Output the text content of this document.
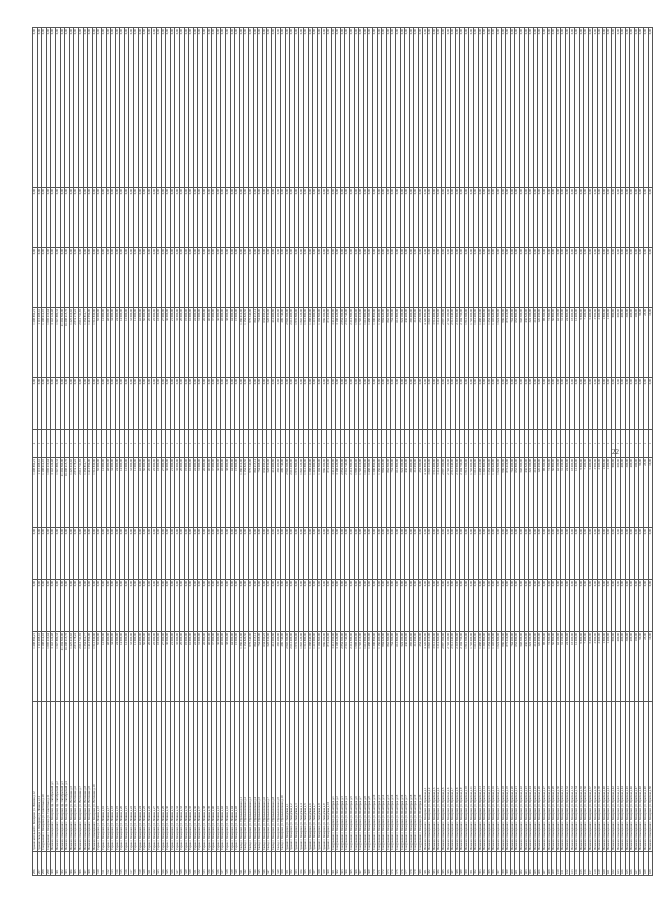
296	Здание котельной г. Кемерово ул. Ленина д.12	1 208 856,21	0,00	0,00	1 208 856,21	2	0,00	1 208 856,21	0,00	0,00	0,00
297	Здание склада г. Кемерово ул. Ленина д.12	1 115 408,16	0,00	0,00	1 115 408,16	1	0,00	1 115 408,16	0,00	0,00	0,00
298	Сооружение г. Кемерово ул. Советская д.10	1 108 612,10	0,00	0,00	1 108 612,10	1	0,00	1 108 612,10	0,00	0,00	0,00
299	Сооружение г. Кемерово ул. Советская д.11	1 005 210,44	0,00	0,00	1 005 210,44	1	0,00	1 005 210,44	0,00	0,00	0,00
300	Нежилое помещение г. Кемерово пр. Октябрьский д.1	3 143 122,48	0,00	0,00	3 143 122,48	1	0,00	3 143 122,48	0,00	0,00	0,00
301	Нежилое помещение г. Кемерово пр. Октябрьский д.2	1 547 890,33	0,00	0,00	1 547 890,33	1	0,00	1 547 890,33	0,00	0,00	0,00
302	Нежилое помещение г. Кемерово пр. Октябрьский д.3	21 204 560,00	0,00	0,00	21 204 560,00	1	0,00	21 204 560,00	0,00	0,00	0,00
303	Нежилое помещение г. Кемерово пр. Октябрьский д.4	16 208 215,70	0,00	0,00	16 208 215,70	1	0,00	16 208 215,70	0,00	0,00	0,00
304	Нежилое помещение г. Кемерово ул. Весенняя д.5	1 225 410,65	0,00	0,00	1 225 410,65	1	0,00	1 225 410,65	0,00	0,00	0,00
305	Нежилое помещение г. Кемерово ул. Весенняя д.6	2 874 178,22	0,00	0,00	2 874 178,22	1	0,00	2 874 178,22	0,00	0,00	0,00
306	Нежилое помещение г. Кемерово ул. Весенняя д.7	2 612 741,92	0,00	0,00	2 612 741,92	1	0,00	2 612 741,92	0,00	0,00	0,00
307	Нежилое помещение г. Кемерово ул. Весенняя д.8	1 354 812,77	0,00	0,00	1 354 812,77	1	0,00	1 354 812,77	0,00	0,00	0,00
308	Нежилое помещение г. Кемерово ул. Весенняя д.9	1 412 956,00	0,00	0,00	1 412 956,00	1	0,00	1 412 956,00	0,00	0,00	0,00
309	Нежилое помещение г. Кемерово ул. Весенняя д.10	1 512 830,00	0,00	0,00	1 512 830,00	1	0,00	1 512 830,00	0,00	0,00	0,00
310	Гараж г. Кемерово ул. Ленина д.15	55 000,00	0,00	0,00	55 000,00	1	0,00	55 000,00	0,00	0,00	0,00
311	Гараж г. Кемерово ул. Ленина д.16	12 000,00	0,00	0,00	12 000,00	1	0,00	12 000,00	0,00	0,00	0,00
312	Гараж г. Кемерово ул. Ленина д.17	48 000,00	0,00	0,00	48 000,00	1	0,00	48 000,00	0,00	0,00	0,00
313	Гараж г. Кемерово ул. Ленина д.18	34 000,00	0,00	0,00	34 000,00	1	0,00	34 000,00	0,00	0,00	0,00
314	Гараж г. Кемерово ул. Ленина д.19	24 000,00	0,00	0,00	24 000,00	1	0,00	24 000,00	0,00	0,00	0,00
315	Гараж г. Кемерово ул. Ленина д.20	14 000,00	0,00	0,00	14 000,00	1	0,00	14 000,00	0,00	0,00	0,00
316	Гараж г. Кемерово ул. Ленина д.21	12 000,00	0,00	0,00	12 000,00	1	0,00	12 000,00	0,00	0,00	0,00
317	Гараж г. Кемерово ул. Ленина д.22	33 000,00	0,00	0,00	33 000,00	1	0,00	33 000,00	0,00	0,00	0,00
318	Гараж г. Кемерово ул. Ленина д.23	11 000,00	0,00	0,00	11 000,00	1	0,00	11 000,00	0,00	0,00	0,00
319	Гараж г. Кемерово ул. Ленина д.24	42 000,00	0,00	0,00	42 000,00	1	0,00	42 000,00	0,00	0,00	0,00
320	Гараж г. Кемерово ул. Ленина д.25	56 000,00	0,00	0,00	56 000,00	1	0,00	56 000,00	0,00	0,00	0,00
321	Гараж г. Кемерово ул. Ленина д.26	20 000,00	0,00	0,00	20 000,00	1	0,00	20 000,00	0,00	0,00	0,00
322	Гараж г. Кемерово ул. Ленина д.27	25 000,00	0,00	0,00	25 000,00	1	0,00	25 000,00	0,00	0,00	0,00
323	Гараж г. Кемерово ул. Ленина д.28	18 000,00	0,00	0,00	18 000,00	1	0,00	18 000,00	0,00	0,00	0,00
324	Гараж г. Кемерово ул. Ленина д.29	27 000,00	0,00	0,00	27 000,00	1	0,00	27 000,00	0,00	0,00	0,00
325	Гараж г. Кемерово ул. Ленина д.30	30 000,00	0,00	0,00	30 000,00	1	0,00	30 000,00	0,00	0,00	0,00
326	Гараж г. Кемерово ул. Ленина д.31	21 000,00	0,00	0,00	21 000,00	1	0,00	21 000,00	0,00	0,00	0,00
327	Гараж г. Кемерово ул. Ленина д.32	35 000,00	0,00	0,00	35 000,00	1	0,00	35 000,00	0,00	0,00	0,00
328	Гараж г. Кемерово ул. Ленина д.33	29 000,00	0,00	0,00	29 000,00	1	0,00	29 000,00	0,00	0,00	0,00
329	Гараж г. Кемерово ул. Ленина д.34	19 000,00	0,00	0,00	19 000,00	1	0,00	19 000,00	0,00	0,00	0,00
330	Гараж г. Кемерово ул. Ленина д.35	16 000,00	0,00	0,00	16 000,00	1	0,00	16 000,00	0,00	0,00	0,00
331	Гараж г. Кемерово ул. Ленина д.36	22 000,00	0,00	0,00	22 000,00	1	0,00	22 000,00	0,00	0,00	0,00
332	Гараж г. Кемерово ул. Ленина д.37	31 000,00	0,00	0,00	31 000,00	1	0,00	31 000,00	0,00	0,00	0,00
333	Гараж г. Кемерово ул. Ленина д.38	26 000,00	0,00	0,00	26 000,00	1	0,00	26 000,00	0,00	0,00	0,00
334	Гараж г. Кемерово ул. Ленина д.39	40 000,00	0,00	0,00	40 000,00	1	0,00	40 000,00	0,00	0,00	0,00
335	Гараж г. Кемерово ул. Ленина д.40	37 000,00	0,00	0,00	37 000,00	1	0,00	37 000,00	0,00	0,00	0,00
336	Гараж г. Кемерово ул. Ленина д.41	36 000,00	0,00	0,00	36 000,00	1	0,00	36 000,00	0,00	0,00	0,00
337	Гараж г. Кемерово ул. Ленина д.42	45 000,00	0,00	0,00	45 000,00	1	0,00	45 000,00	0,00	0,00	0,00
338	Гараж г. Кемерово ул. Ленина д.43	38 000,00	0,00	0,00	38 000,00	1	0,00	38 000,00	0,00	0,00	0,00
339	Гараж г. Кемерово ул. Ленина д.44	44 000,00	0,00	0,00	44 000,00	1	0,00	44 000,00	0,00	0,00	0,00
340	Гараж г. Кемерово ул. Ленина д.45	15 000,00	0,00	0,00	15 000,00	1	0,00	15 000,00	0,00	0,00	0,00
341	Склад г. Кемерово ул. Промышленная д.1	1 386 412,00	0,00	0,00	1 386 412,00	1	0,00	1 386 412,00	0,00	0,00	0,00
342	Склад г. Кемерово ул. Промышленная д.2	1 154 820,50	0,00	0,00	1 154 820,50	1	0,00	1 154 820,50	0,00	0,00	0,00
343	Склад г. Кемерово ул. Промышленная д.3	979 340,00	0,00	0,00	979 340,00	1	0,00	979 340,00	0,00	0,00	0,00
344	Склад г. Кемерово ул. Промышленная д.4	864 215,14	0,00	0,00	864 215,14	1	0,00	864 215,14	0,00	0,00	0,00
345	Склад г. Кемерово ул. Промышленная д.5	754 608,00	0,00	0,00	754 608,00	1	0,00	754 608,00	0,00	0,00	0,00
346	Склад г. Кемерово ул. Промышленная д.6	634 450,25	0,00	0,00	634 450,25	1	0,00	634 450,25	0,00	0,00	0,00
347	Склад г. Кемерово ул. Промышленная д.7	528 930,00	0,00	0,00	528 930,00	1	0,00	528 930,00	0,00	0,00	0,00
348	Склад г. Кемерово ул. Промышленная д.8	412 600,80	0,00	0,00	412 600,80	1	0,00	412 600,80	0,00	0,00	0,00
349	Склад г. Кемерово ул. Промышленная д.9	385 200,00	0,00	0,00	385 200,00	1	0,00	385 200,00	0,00	0,00	0,00
350	Склад г. Кемерово ул. Промышленная д.10	296 740,00	0,00	0,00	296 740,00	1	0,00	296 740,00	0,00	0,00	0,00
351	Здание г. Кемерово ул. Заводская д.1	2 945 300,00	0,00	0,00	2 945 300,00	1	0,00	2 945 300,00	0,00	0,00	0,00
352	Здание г. Кемерово ул. Заводская д.2	2 612 400,00	0,00	0,00	2 612 400,00	1	0,00	2 612 400,00	0,00	0,00	0,00
353	Здание г. Кемерово ул. Заводская д.3	1 976 500,00	0,00	0,00	1 976 500,00	1	0,00	1 976 500,00	0,00	0,00	0,00
354	Здание г. Кемерово ул. Заводская д.4	1 845 120,00	0,00	0,00	1 845 120,00	1	0,00	1 845 120,00	0,00	0,00	0,00
355	Здание г. Кемерово ул. Заводская д.5	1 512 880,00	0,00	0,00	1 512 880,00	1	0,00	1 512 880,00	0,00	0,00	0,00
356	Здание г. Кемерово ул. Заводская д.6	1 388 640,00	0,00	0,00	1 388 640,00	1	0,00	1 388 640,00	0,00	0,00	0,00
357	Здание г. Кемерово ул. Заводская д.7	1 215 000,00	0,00	0,00	1 215 000,00	1	0,00	1 215 000,00	0,00	0,00	0,00
358	Здание г. Кемерово ул. Заводская д.8	1 104 560,00	0,00	0,00	1 104 560,00	1	0,00	1 104 560,00	0,00	0,00	0,00
359	Здание г. Кемерово ул. Заводская д.9	986 300,00	0,00	0,00	986 300,00	1	0,00	986 300,00	0,00	0,00	0,00
360	Здание г. Кемерово ул. Заводская д.10	872 450,00	0,00	0,00	872 450,00	1	0,00	872 450,00	0,00	0,00	0,00
361	Сооружение г. Кемерово ул. Шахтёров д.1	3 412 650,00	0,00	0,00	3 412 650,00	1	0,00	3 412 650,00	0,00	0,00	0,00
362	Сооружение г. Кемерово ул. Шахтёров д.2	3 108 220,00	0,00	0,00	3 108 220,00	1	0,00	3 108 220,00	0,00	0,00	0,00
363	Сооружение г. Кемерово ул. Шахтёров д.3	2 854 300,00	0,00	0,00	2 854 300,00	1	0,00	2 854 300,00	0,00	0,00	0,00
364	Сооружение г. Кемерово ул. Шахтёров д.4	2 516 740,00	0,00	0,00	2 516 740,00	1	0,00	2 516 740,00	0,00	0,00	0,00
365	Сооружение г. Кемерово ул. Шахтёров д.5	2 214 580,00	0,00	0,00	2 214 580,00	1	0,00	2 214 580,00	0,00	0,00	0,00
366	Сооружение г. Кемерово ул. Шахтёров д.6	1 998 400,00	0,00	0,00	1 998 400,00	1	0,00	1 998 400,00	0,00	0,00	0,00
367	Сооружение г. Кемерово ул. Шахтёров д.7	1 745 210,00	0,00	0,00	1 745 210,00	1	0,00	1 745 210,00	0,00	0,00	0,00
368	Сооружение г. Кемерово ул. Шахтёров д.8	1 612 900,00	0,00	0,00	1 612 900,00	1	0,00	1 612 900,00	0,00	0,00	0,00
369	Сооружение г. Кемерово ул. Шахтёров д.9	1 488 300,00	0,00	0,00	1 488 300,00	1	0,00	1 488 300,00	0,00	0,00	0,00
370	Сооружение г. Кемерово ул. Шахтёров д.10	1 300 850,00	0,00	0,00	1 300 850,00	1	0,00	1 300 850,00	0,00	0,00	0,00
371	Сооружение г. Кемерово ул. Шахтёров д.11	1 156 400,00	0,00	0,00	1 156 400,00	1	0,00	1 156 400,00	0,00	0,00	0,00
372	Сооружение г. Кемерово ул. Шахтёров д.12	984 620,00	0,00	0,00	984 620,00	1	0,00	984 620,00	0,00	0,00	0,00
373	Сооружение г. Кемерово ул. Шахтёров д.13	862 500,00	0,00	0,00	862 500,00	1	0,00	862 500,00	0,00	0,00	0,00
374	Сооружение г. Кемерово ул. Шахтёров д.14	754 300,00	0,00	0,00	754 300,00	1	0,00	754 300,00	0,00	0,00	0,00
375	Сооружение г. Кемерово ул. Шахтёров д.15	612 800,00	0,00	0,00	612 800,00	1	0,00	612 800,00	0,00	0,00	0,00
376	Сооружение г. Кемерово ул. Шахтёров д.16	524 100,00	0,00	0,00	524 100,00	1	0,00	524 100,00	0,00	0,00	0,00
377	Сооружение г. Кемерово ул. Шахтёров д.17	436 200,00	0,00	0,00	436 200,00	1	0,00	436 200,00	0,00	0,00	0,00
378	Сооружение г. Кемерово ул. Шахтёров д.18	385 400,00	0,00	0,00	385 400,00	1	0,00	385 400,00	0,00	0,00	0,00
379	Сооружение г. Кемерово ул. Шахтёров д.19	312 650,00	0,00	0,00	312 650,00	1	0,00	312 650,00	0,00	0,00	0,00
380	Сооружение г. Кемерово ул. Шахтёров д.20	254 300,00	0,00	0,00	254 300,00	1	0,00	254 300,00	0,00	0,00	0,00
381	Нежилое помещение г. Кемерово ул. Красная д.1	4 126 880,00	0,00	0,00	4 126 880,00	1	0,00	4 126 880,00	0,00	0,00	0,00
382	Нежилое помещение г. Кемерово ул. Красная д.2	3 845 210,00	0,00	0,00	3 845 210,00	1	0,00	3 845 210,00	0,00	0,00	0,00
383	Нежилое помещение г. Кемерово ул. Красная д.3	3 512 400,00	0,00	0,00	3 512 400,00	1	0,00	3 512 400,00	0,00	0,00	0,00
384	Нежилое помещение г. Кемерово ул. Красная д.4	3 214 560,00	0,00	0,00	3 214 560,00	1	0,00	3 214 560,00	0,00	0,00	0,00
385	Нежилое помещение г. Кемерово ул. Красная д.5	2 987 300,00	0,00	0,00	2 987 300,00	1	0,00	2 987 300,00	0,00	0,00	0,00
386	Нежилое помещение г. Кемерово ул. Красная д.6	2 745 100,00	0,00	0,00	2 745 100,00	1	0,00	2 745 100,00	0,00	0,00	0,00
387	Нежилое помещение г. Кемерово ул. Красная д.7	2 512 640,00	0,00	0,00	2 512 640,00	1	0,00	2 512 640,00	0,00	0,00	0,00
388	Нежилое помещение г. Кемерово ул. Красная д.8	2 318 900,00	0,00	0,00	2 318 900,00	1	0,00	2 318 900,00	0,00	0,00	0,00
389	Нежилое помещение г. Кемерово ул. Красная д.9	2 104 750,00	0,00	0,00	2 104 750,00	1	0,00	2 104 750,00	0,00	0,00	0,00
390	Нежилое помещение г. Кемерово ул. Красная д.10	1 912 300,00	0,00	0,00	1 912 300,00	1	0,00	1 912 300,00	0,00	0,00	0,00
391	Нежилое помещение г. Кемерово ул. Красная д.11	1 745 600,00	0,00	0,00	1 745 600,00	1	0,00	1 745 600,00	0,00	0,00	0,00
392	Нежилое помещение г. Кемерово ул. Красная д.12	1 612 400,00	0,00	0,00	1 612 400,00	1	0,00	1 612 400,00	0,00	0,00	0,00
393	Нежилое помещение г. Кемерово ул. Красная д.13	1 488 210,00	0,00	0,00	1 488 210,00	1	0,00	1 488 210,00	0,00	0,00	0,00
394	Нежилое помещение г. Кемерово ул. Красная д.14	1 365 800,00	0,00	0,00	1 365 800,00	1	0,00	1 365 800,00	0,00	0,00	0,00
395	Нежилое помещение г. Кемерово ул. Красная д.15	1 254 300,00	0,00	0,00	1 254 300,00	1	0,00	1 254 300,00	0,00	0,00	0,00
396	Нежилое помещение г. Кемерово ул. Красная д.16	1 145 620,00	0,00	0,00	1 145 620,00	1	0,00	1 145 620,00	0,00	0,00	0,00
397	Нежилое помещение г. Кемерово ул. Красная д.17	1 024 500,00	0,00	0,00	1 024 500,00	1	0,00	1 024 500,00	0,00	0,00	0,00
398	Нежилое помещение г. Кемерово ул. Красная д.18	986 300,00	0,00	0,00	986 300,00	1	0,00	986 300,00	0,00	0,00	0,00
399	Нежилое помещение г. Кемерово ул. Красная д.19	875 410,00	0,00	0,00	875 410,00	1	0,00	875 410,00	0,00	0,00	0,00
400	Нежилое помещение г. Кемерово ул. Красная д.20	764 200,00	0,00	0,00	764 200,00	1	0,00	764 200,00	0,00	0,00	0,00
401	Нежилое помещение г. Кемерово ул. Красная д.21	652 880,00	0,00	0,00	652 880,00	1	0,00	652 880,00	0,00	0,00	0,00
402	Нежилое помещение г. Кемерово ул. Красная д.22	548 300,00	0,00	0,00	548 300,00	1	0,00	548 300,00	0,00	0,00	0,00
403	Нежилое помещение г. Кемерово ул. Красная д.23	436 520,00	0,00	0,00	436 520,00	1	0,00	436 520,00	0,00	0,00	0,00
404	Нежилое помещение г. Кемерово ул. Красная д.24	324 100,00	0,00	0,00	324 100,00	1	0,00	324 100,00	0,00	0,00	0,00
405	Нежилое помещение г. Кемерово ул. Красная д.25	214 600,00	0,00	0,00	214 600,00	1	0,00	214 600,00	0,00	0,00	0,00
406	Нежилое помещение г. Кемерово ул. Красная д.26	126 450,00	0,00	0,00	126 450,00	1	0,00	126 450,00	0,00	0,00	0,00
407	Нежилое помещение г. Кемерово ул. Красная д.27	98 300,00	0,00	0,00	98 300,00	1	0,00	98 300,00	0,00	0,00	0,00
408	Нежилое помещение г. Кемерово ул. Красная д.28	72 500,00	0,00	0,00	72 500,00	1	0,00	72 500,00	0,00	0,00	0,00
409	Нежилое помещение г. Кемерово ул. Красная д.29	56 800,00	0,00	0,00	56 800,00	1	0,00	56 800,00	0,00	0,00	0,00
410	Нежилое помещение г. Кемерово ул. Красная д.30	42 100,00	0,00	0,00	42 100,00	1	0,00	42 100,00	0,00	0,00	0,00
411	Нежилое помещение г. Кемерово ул. Красная д.31	31 250,00	0,00	0,00	31 250,00	1	0,00	31 250,00	0,00	0,00	0,00
412	Нежилое помещение г. Кемерово ул. Красная д.32	24 800,00	0,00	0,00	24 800,00	1	0,00	24 800,00	0,00	0,00	0,00
413	Нежилое помещение г. Кемерово ул. Красная д.33	18 600,00	0,00	0,00	18 600,00	1	0,00	18 600,00	0,00	0,00	0,00
414	Нежилое помещение г. Кемерово ул. Красная д.34	12 400,00	0,00	0,00	12 400,00	1	0,00	12 400,00	0,00	0,00	0,00
415	Нежилое помещение г. Кемерово ул. Красная д.35	9 800,00	0,00	0,00	9 800,00	1	0,00	9 800,00	0,00	0,00	0,00
416	Нежилое помещение г. Кемерово ул. Красная д.36	7 200,00	0,00	0,00	7 200,00	1	0,00	7 200,00	0,00	0,00	0,00
417	Нежилое помещение г. Кемерово ул. Красная д.37	5 400,00	0,00	0,00	5 400,00	1	0,00	5 400,00	0,00	0,00	0,00
418	Нежилое помещение г. Кемерово ул. Красная д.38	3 900,00	0,00	0,00	3 900,00	1	0,00	3 900,00	0,00	0,00	0,00
419	Нежилое помещение г. Кемерово ул. Красная д.39	2 600,00	0,00	0,00	2 600,00	1	0,00	2 600,00	0,00	0,00	0,00
420	Нежилое помещение г. Кемерово ул. Красная д.40	1 800,00	0,00	0,00	1 800,00	1	0,00	1 800,00	0,00	0,00	0,00
421	Нежилое помещение г. Кемерово ул. Красная д.41	1 200,00	0,00	0,00	1 200,00	1	0,00	1 200,00	0,00	0,00	0,00
422	Нежилое помещение г. Кемерово ул. Красная д.42	900,00	0,00	0,00	900,00	1	0,00	900,00	0,00	0,00	0,00
423	Нежилое помещение г. Кемерово ул. Красная д.43	600,00	0,00	0,00	600,00	1	0,00	600,00	0,00	0,00	0,00
424	Нежилое помещение г. Кемерово ул. Красная д.44	400,00	0,00	0,00	400,00	1	0,00	400,00	0,00	0,00	0,00
425	Нежилое помещение г. Кемерово ул. Красная д.45	300,00	0,00	0,00	300,00	1	0,00	300,00	0,00	0,00	0,00
426	Нежилое помещение г. Кемерово ул. Красная д.46	200,00	0,00	0,00	200,00	1	0,00	200,00	0,00	0,00	0,00
427	Нежилое помещение г. Кемерово ул. Красная д.47	100,00	0,00	0,00	100,00	1	0,00	100,00	0,00	0,00	0,00
428	Нежилое помещение г. Кемерово ул. Красная д.48	50,00	0,00	0,00	50,00	1	0,00	50,00	0,00	0,00	0,00
429	Нежилое помещение г. Кемерово ул. Красная д.49	25,00	0,00	0,00	25,00	1	0,00	25,00	0,00	0,00	0,00
430	Нежилое помещение г. Кемерово ул. Красная д.50	10,00	0,00	0,00	10,00	1	0,00	10,00	0,00	0,00	0,00
22
